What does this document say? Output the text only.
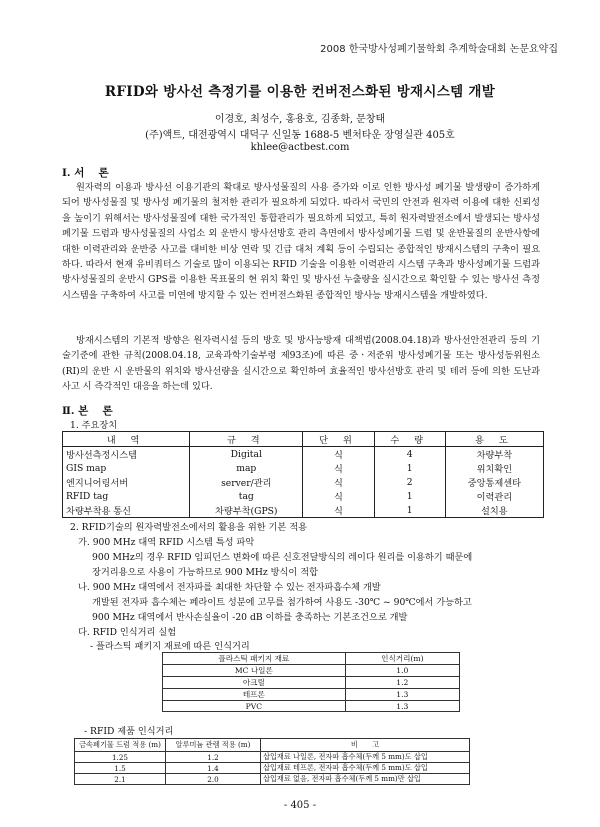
2008 한국방사성폐기물학회 추계학술대회 논문요약집
RFID와 방사선 측정기를 이용한 컨버전스화된 방재시스템 개발
이경호, 최성수, 홍용호, 김종화, 문창태
(주)액트, 대전광역시 대덕구 신일동 1688-5 벤처타운 장영실관 405호
khlee@actbest.com
Ⅰ. 서　 론

원자력의 이용과 방사선 이용기관의 확대로 방사성물질의 사용 증가와 이로 인한 방사성 폐기물 발생량이 증가하게 되어 방사성물질 및 방사성 폐기물의 철저한 관리가 필요하게 되었다. 따라서 국민의 안전과 원자력 이용에 대한 신뢰성을 높이기 위해서는 방사성물질에 대한 국가적인 통합관리가 필요하게 되었고, 특히 원자력발전소에서 발생되는 방사성폐기물 드럼과 방사성물질의 사업소 외 운반시 방사선방호 관리 측면에서 방사성폐기물 드럼 및 운반물질의 운반사항에 대한 이력관리와 운반중 사고를 대비한 비상 연락 및 긴급 대처 계획 등이 수립되는 종합적인 방재시스템의 구축이 필요하다. 따라서 현재 유비쿼터스 기술로 많이 이용되는 RFID 기술을 이용한 이력관리 시스템 구축과 방사성폐기물 드럼과 방사성물질의 운반시 GPS를 이용한 목표물의 현 위치 확인 및 방사선 누출량을 실시간으로 확인할 수 있는 방사선 측정 시스템을 구축하여 사고를 미연에 방지할 수 있는 컨버전스화된 종합적인 방사능 방재시스템을 개발하였다.

방재시스템의 기본적 방향은 원자력시설 등의 방호 및 방사능방재 대책법(2008.04.18)과 방사선안전관리 등의 기술기준에 관한 규칙(2008.04.18, 교육과학기술부령 제93조)에 따른 중ㆍ저준위 방사성폐기물 또는 방사성동위원소(RI)의 운반 시 운반물의 위치와 방사선량을 실시간으로 확인하여 효율적인 방사선방호 관리 및 테러 등에 의한 도난과 사고 시 즉각적인 대응을 하는데 있다.

Ⅱ. 본　 론
1. 주요장치
내 역	규 격	단 위	수 량	용 도
방사선측정시스템	Digital	식	4	차량부착
GIS map	map	식	1	위치확인
엔지니어링서버	server/관리	식	2	중앙통제센타
RFID tag	tag	식	1	이력관리
차량부착용 통신	차량부착(GPS)	식	1	설치용
2. RFID기술의 원자력발전소에서의 활용을 위한 기본 적용
가. 900 MHz 대역 RFID 시스템 특성 파악
900 MHz의 경우 RFID 임피던스 변화에 따른 신호전달방식의 레이다 원리를 이용하기 때문에
장거리용으로 사용이 가능하므로 900 MHz 방식이 적합
나. 900 MHz 대역에서 전자파를 최대한 차단할 수 있는 전자파흡수체 개발
개발된 전자파 흡수체는 페라이트 성분에 고무를 첨가하여 사용도 -30℃ ~ 90℃에서 가능하고
900 MHz 대역에서 반사손실율이 -20 dB 이하를 충족하는 기본조건으로 개발
다. RFID 인식거리 실험
- 플라스틱 패키지 재료에 따른 인식거리
플라스틱 패키지 재료	인식거리(m)
MC 나일론	1.0
아크릴	1.2
테프론	1.3
PVC	1.3
- RFID 제품 인식거리
금속폐기물 드럼 적용 (m)	알루미늄 관렘 적용 (m)	비　　고
1.25	1.2	삽입재료 나일론, 전자파 흡수체(두께 5 mm)도 삽입
1.5	1.4	삽입재료 테프론, 전자파 흡수체(두께 5 mm)도 삽입
2.1	2.0	삽입재료 없음, 전자파 흡수체(두께 5 mm)만 삽입
- 405 -
